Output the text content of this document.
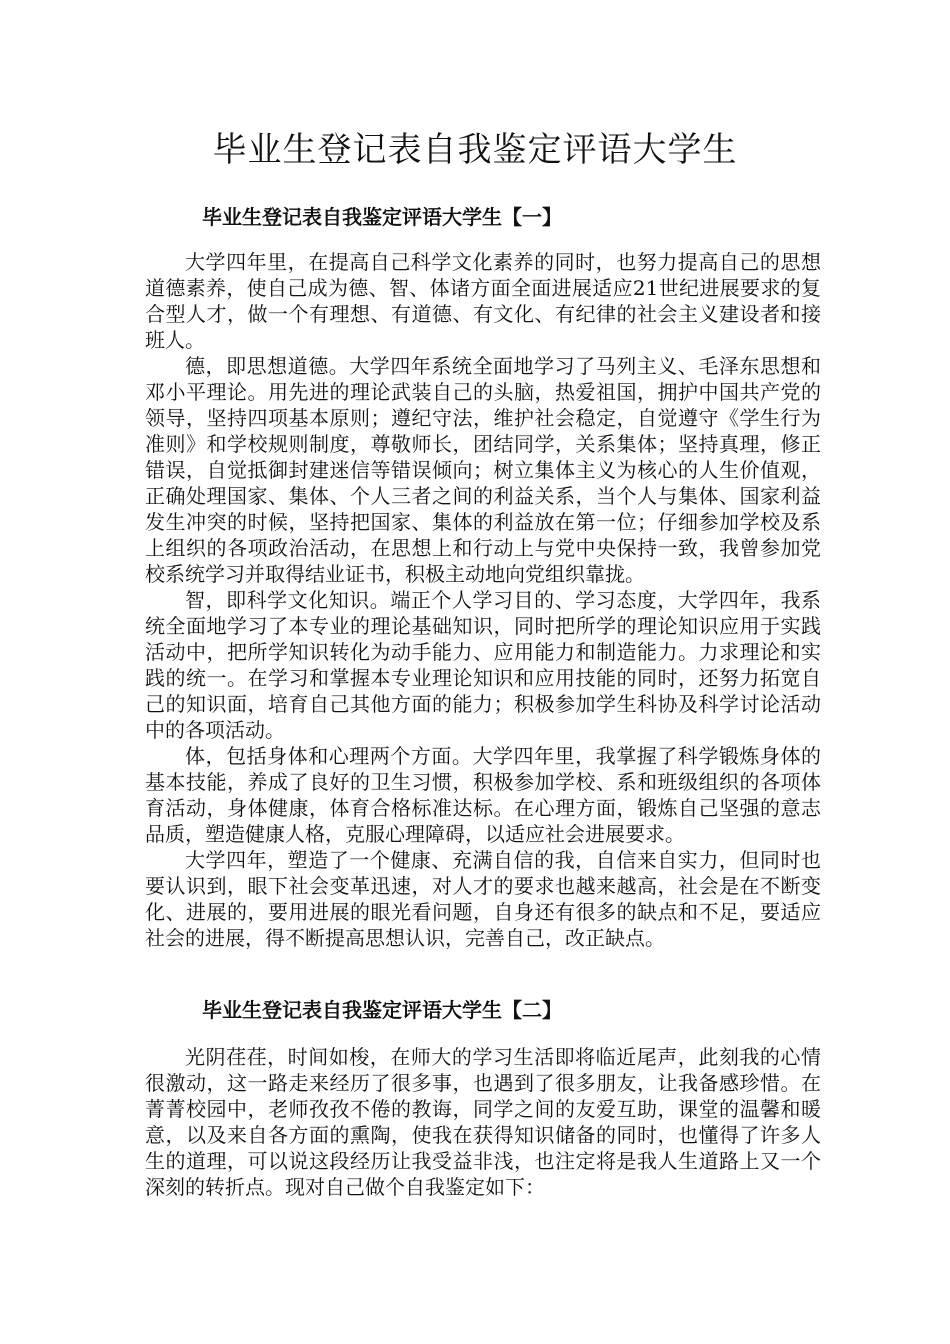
毕业生登记表自我鉴定评语大学生
毕业生登记表自我鉴定评语大学生【一】

大学四年里，在提高自己科学文化素养的同时，也努力提高自己的思想道德素养，使自己成为德、智、体诸方面全面进展适应21世纪进展要求的复合型人才，做一个有理想、有道德、有文化、有纪律的社会主义建设者和接班人。

德，即思想道德。大学四年系统全面地学习了马列主义、毛泽东思想和邓小平理论。用先进的理论武装自己的头脑，热爱祖国，拥护中国共产党的领导，坚持四项基本原则；遵纪守法，维护社会稳定，自觉遵守《学生行为准则》和学校规则制度，尊敬师长，团结同学，关系集体；坚持真理，修正错误，自觉抵御封建迷信等错误倾向；树立集体主义为核心的人生价值观，正确处理国家、集体、个人三者之间的利益关系，当个人与集体、国家利益发生冲突的时候，坚持把国家、集体的利益放在第一位；仔细参加学校及系上组织的各项政治活动，在思想上和行动上与党中央保持一致，我曾参加党校系统学习并取得结业证书，积极主动地向党组织靠拢。

智，即科学文化知识。端正个人学习目的、学习态度，大学四年，我系统全面地学习了本专业的理论基础知识，同时把所学的理论知识应用于实践活动中，把所学知识转化为动手能力、应用能力和制造能力。力求理论和实践的统一。在学习和掌握本专业理论知识和应用技能的同时，还努力拓宽自己的知识面，培育自己其他方面的能力；积极参加学生科协及科学讨论活动中的各项活动。

体，包括身体和心理两个方面。大学四年里，我掌握了科学锻炼身体的基本技能，养成了良好的卫生习惯，积极参加学校、系和班级组织的各项体育活动，身体健康，体育合格标准达标。在心理方面，锻炼自己坚强的意志品质，塑造健康人格，克服心理障碍，以适应社会进展要求。

大学四年，塑造了一个健康、充满自信的我，自信来自实力，但同时也要认识到，眼下社会变革迅速，对人才的要求也越来越高，社会是在不断变化、进展的，要用进展的眼光看问题，自身还有很多的缺点和不足，要适应社会的进展，得不断提高思想认识，完善自己，改正缺点。

毕业生登记表自我鉴定评语大学生【二】

光阴荏荏，时间如梭，在师大的学习生活即将临近尾声，此刻我的心情很激动，这一路走来经历了很多事，也遇到了很多朋友，让我备感珍惜。在菁菁校园中，老师孜孜不倦的教诲，同学之间的友爱互助，课堂的温馨和暖意，以及来自各方面的熏陶，使我在获得知识储备的同时，也懂得了许多人生的道理，可以说这段经历让我受益非浅，也注定将是我人生道路上又一个深刻的转折点。现对自己做个自我鉴定如下：
